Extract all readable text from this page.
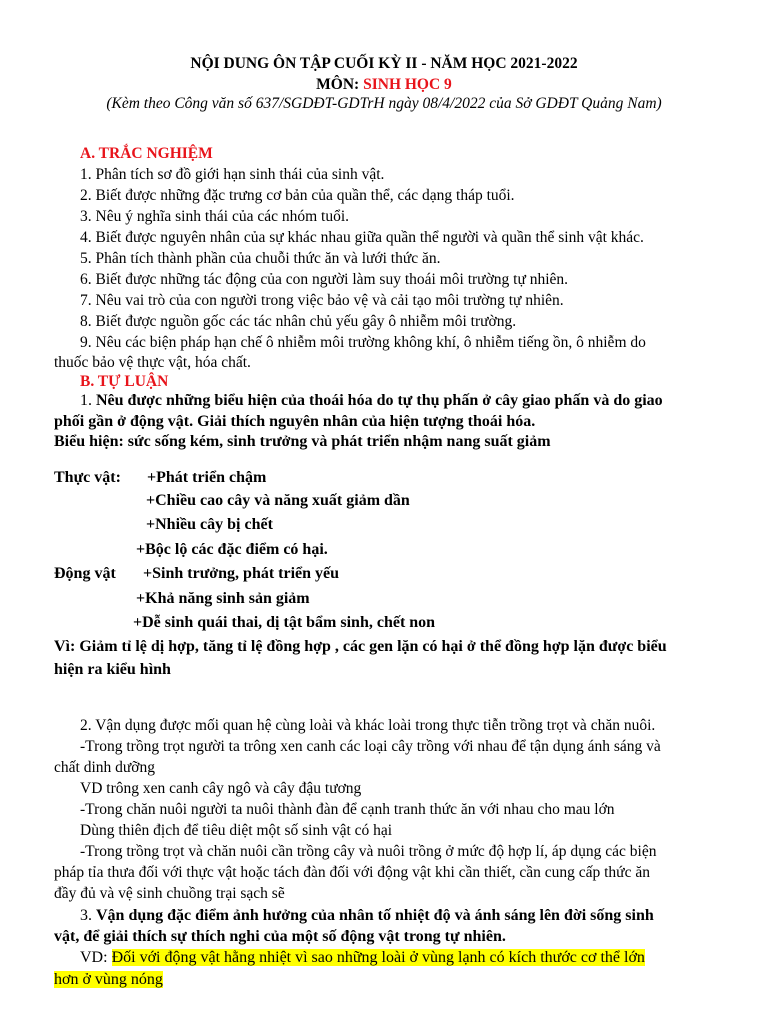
NỘI DUNG ÔN TẬP CUỐI KỲ II - NĂM HỌC 2021-2022
MÔN: SINH HỌC 9
(Kèm theo Công văn số 637/SGDĐT-GDTrH ngày 08/4/2022 của Sở GDĐT Quảng Nam)
A. TRẮC NGHIỆM
1. Phân tích sơ đồ giới hạn sinh thái của sinh vật.
2. Biết được những đặc trưng cơ bản của quần thể, các dạng tháp tuổi.
3. Nêu ý nghĩa sinh thái của các nhóm tuổi.
4. Biết được nguyên nhân của sự khác nhau giữa quần thể người và quần thể sinh vật khác.
5. Phân tích thành phần của chuỗi thức ăn và lưới thức ăn.
6. Biết được những tác động của con người làm suy thoái môi trường tự nhiên.
7. Nêu vai trò của con người trong việc bảo vệ và cải tạo môi trường tự nhiên.
8. Biết được nguồn gốc các tác nhân chủ yếu gây ô nhiễm môi trường.
9. Nêu các biện pháp hạn chế ô nhiễm môi trường không khí, ô nhiễm tiếng ồn, ô nhiễm do
thuốc bảo vệ thực vật, hóa chất.
B. TỰ LUẬN
1. Nêu được những biểu hiện của thoái hóa do tự thụ phấn ở cây giao phấn và do giao
phối gần ở động vật. Giải thích nguyên nhân của hiện tượng thoái hóa.
Biểu hiện: sức sống kém, sinh trưởng và phát triển nhậm nang suất giảm
Thực vật: +Phát triển chậm
+Chiều cao cây và năng xuất giảm dần
+Nhiều cây bị chết
+Bộc lộ các đặc điểm có hại.
Động vật +Sinh trưởng, phát triển yếu
+Khả năng sinh sản giảm
+Dễ sinh quái thai, dị tật bẩm sinh, chết non
Vì: Giảm tỉ lệ dị hợp, tăng tỉ lệ đồng hợp , các gen lặn có hại ở thể đồng hợp lặn được biểu
hiện ra kiểu hình
2. Vận dụng được mối quan hệ cùng loài và khác loài trong thực tiễn trồng trọt và chăn nuôi.
-Trong trồng trọt người ta trông xen canh các loại cây trồng với nhau để tận dụng ánh sáng và
chất dinh dưỡng
VD trông xen canh cây ngô và cây đậu tương
-Trong chăn nuôi người ta nuôi thành đàn để cạnh tranh thức ăn với nhau cho mau lớn
Dùng thiên địch để tiêu diệt một số sinh vật có hại
-Trong trồng trọt và chăn nuôi cần trồng cây và nuôi trồng ở mức độ hợp lí, áp dụng các biện
pháp tỉa thưa đối với thực vật hoặc tách đàn đối với động vật khi cần thiết, cần cung cấp thức ăn
đầy đủ và vệ sinh chuồng trại sạch sẽ
3. Vận dụng đặc điểm ảnh hưởng của nhân tố nhiệt độ và ánh sáng lên đời sống sinh
vật, để giải thích sự thích nghi của một số động vật trong tự nhiên.
VD: Đối với động vật hằng nhiệt vì sao những loài ở vùng lạnh có kích thước cơ thể lớn
hơn ở vùng nóng
